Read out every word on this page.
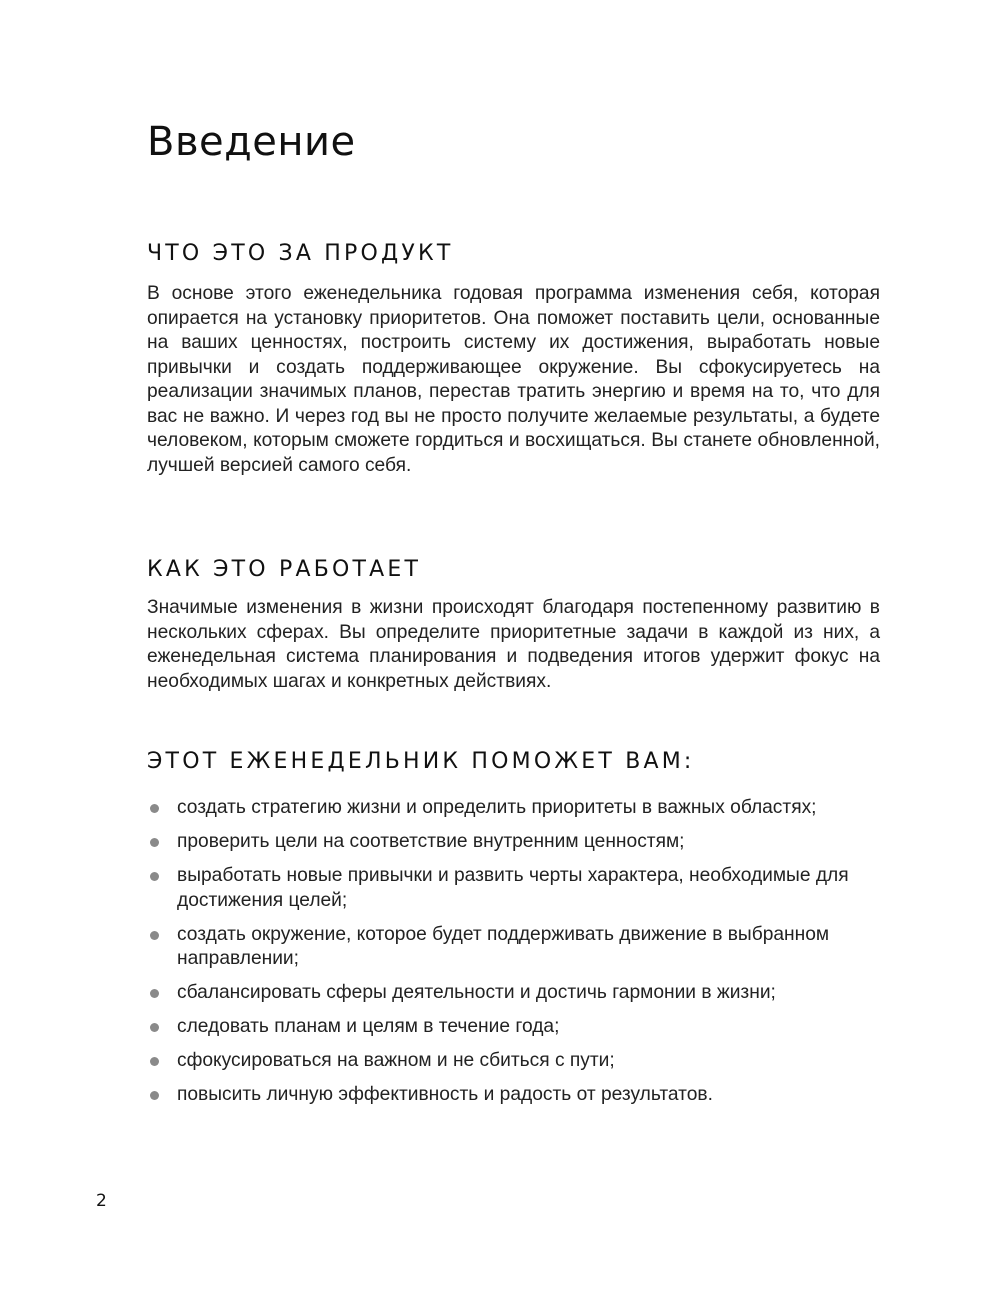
Введение
ЧТО ЭТО ЗА ПРОДУКТ

В основе этого еженедельника годовая программа изменения себя, которая опирается на установку приоритетов. Она поможет поставить цели, основанные на ваших ценностях, построить систему их достижения, выработать новые привычки и создать поддерживающее окружение. Вы сфокусируетесь на реализации значимых планов, перестав тратить энергию и время на то, что для вас не важно. И через год вы не просто получите желаемые результаты, а будете человеком, которым сможете гордиться и восхищаться. Вы станете обновленной, лучшей версией самого себя.

КАК ЭТО РАБОТАЕТ

Значимые изменения в жизни происходят благодаря постепенному развитию в нескольких сферах. Вы определите приоритетные задачи в каждой из них, а еженедельная система планирования и подведения итогов удержит фокус на необходимых шагах и конкретных действиях.

ЭТОТ ЕЖЕНЕДЕЛЬНИК ПОМОЖЕТ ВАМ:
создать стратегию жизни и определить приоритеты в важных областях;
проверить цели на соответствие внутренним ценностям;
выработать новые привычки и развить черты характера, необходимые для достижения целей;
создать окружение, которое будет поддерживать движение в выбранном направлении;
сбалансировать сферы деятельности и достичь гармонии в жизни;
следовать планам и целям в течение года;
сфокусироваться на важном и не сбиться с пути;
повысить личную эффективность и радость от результатов.
2
